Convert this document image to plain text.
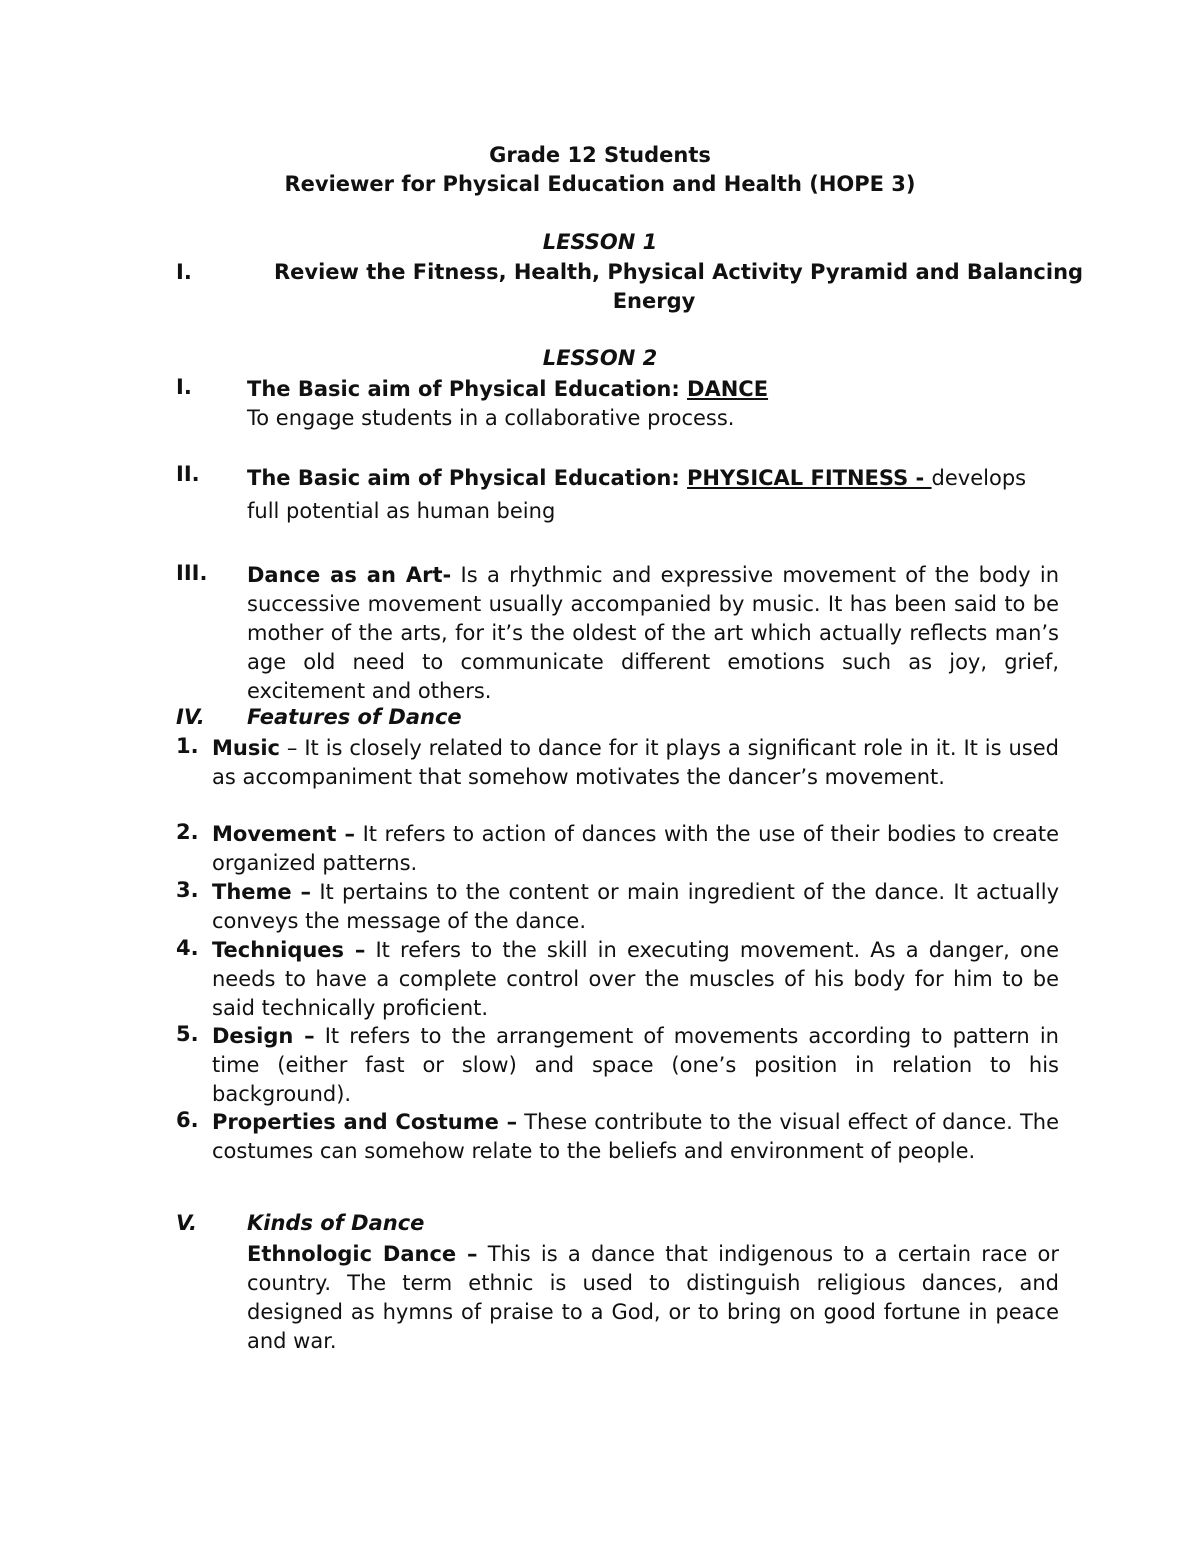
Grade 12 Students
Reviewer for Physical Education and Health (HOPE 3)
LESSON 1
I.	Review the Fitness, Health, Physical Activity Pyramid and Balancing
Energy
LESSON 2
I.	The Basic aim of Physical Education: DANCE
To engage students in a collaborative process.
II. The Basic aim of Physical Education: PHYSICAL FITNESS - develops full potential as human being
III. Dance as an Art- Is a rhythmic and expressive movement of the body in successive movement usually accompanied by music. It has been said to be mother of the arts, for it’s the oldest of the art which actually reflects man’s age old need to communicate different emotions such as joy, grief, excitement and others.
IV. Features of Dance
1. Music – It is closely related to dance for it plays a significant role in it. It is used as accompaniment that somehow motivates the dancer’s movement.
2. Movement – It refers to action of dances with the use of their bodies to create organized patterns.
3. Theme – It pertains to the content or main ingredient of the dance. It actually conveys the message of the dance.
4. Techniques – It refers to the skill in executing movement. As a danger, one needs to have a complete control over the muscles of his body for him to be said technically proficient.
5. Design – It refers to the arrangement of movements according to pattern in time (either fast or slow) and space (one’s position in relation to his background).
6. Properties and Costume – These contribute to the visual effect of dance. The costumes can somehow relate to the beliefs and environment of people.
V. Kinds of Dance
Ethnologic Dance – This is a dance that indigenous to a certain race or country. The term ethnic is used to distinguish religious dances, and designed as hymns of praise to a God, or to bring on good fortune in peace and war.
